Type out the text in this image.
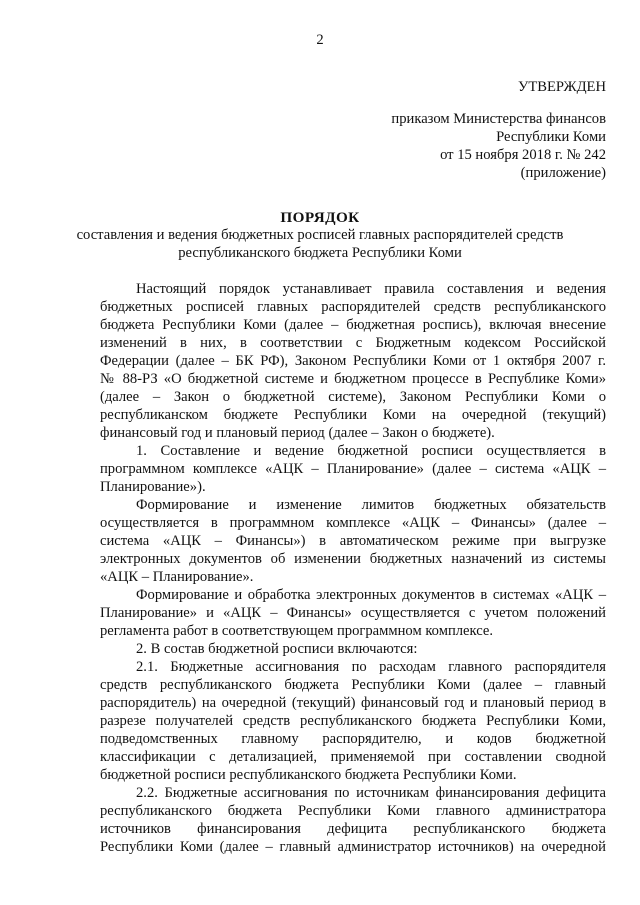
2
УТВЕРЖДЕН
приказом Министерства финансов
Республики Коми
от 15 ноября 2018 г. № 242
(приложение)
ПОРЯДОК
составления и ведения бюджетных росписей главных распорядителей средств
республиканского бюджета Республики Коми
Настоящий порядок устанавливает правила составления и ведения
бюджетных росписей главных распорядителей средств республиканского
бюджета Республики Коми (далее – бюджетная роспись), включая внесение
изменений в них, в соответствии с Бюджетным кодексом Российской
Федерации (далее – БК РФ), Законом Республики Коми от 1 октября 2007 г.
№ 88-РЗ «О бюджетной системе и бюджетном процессе в Республике Коми»
(далее – Закон о бюджетной системе), Законом Республики Коми о
республиканском бюджете Республики Коми на очередной (текущий)
финансовый год и плановый период (далее – Закон о бюджете).
1. Составление и ведение бюджетной росписи осуществляется в
программном комплексе «АЦК – Планирование» (далее – система «АЦК –
Планирование»).
Формирование и изменение лимитов бюджетных обязательств
осуществляется в программном комплексе «АЦК – Финансы» (далее –
система «АЦК – Финансы») в автоматическом режиме при выгрузке
электронных документов об изменении бюджетных назначений из системы
«АЦК – Планирование».
Формирование и обработка электронных документов в системах «АЦК –
Планирование» и «АЦК – Финансы» осуществляется с учетом положений
регламента работ в соответствующем программном комплексе.
2. В состав бюджетной росписи включаются:
2.1. Бюджетные ассигнования по расходам главного распорядителя
средств республиканского бюджета Республики Коми (далее – главный
распорядитель) на очередной (текущий) финансовый год и плановый период в
разрезе получателей средств республиканского бюджета Республики Коми,
подведомственных главному распорядителю, и кодов бюджетной
классификации с детализацией, применяемой при составлении сводной
бюджетной росписи республиканского бюджета Республики Коми.
2.2. Бюджетные ассигнования по источникам финансирования дефицита
республиканского бюджета Республики Коми главного администратора
источников финансирования дефицита республиканского бюджета
Республики Коми (далее – главный администратор источников) на очередной
